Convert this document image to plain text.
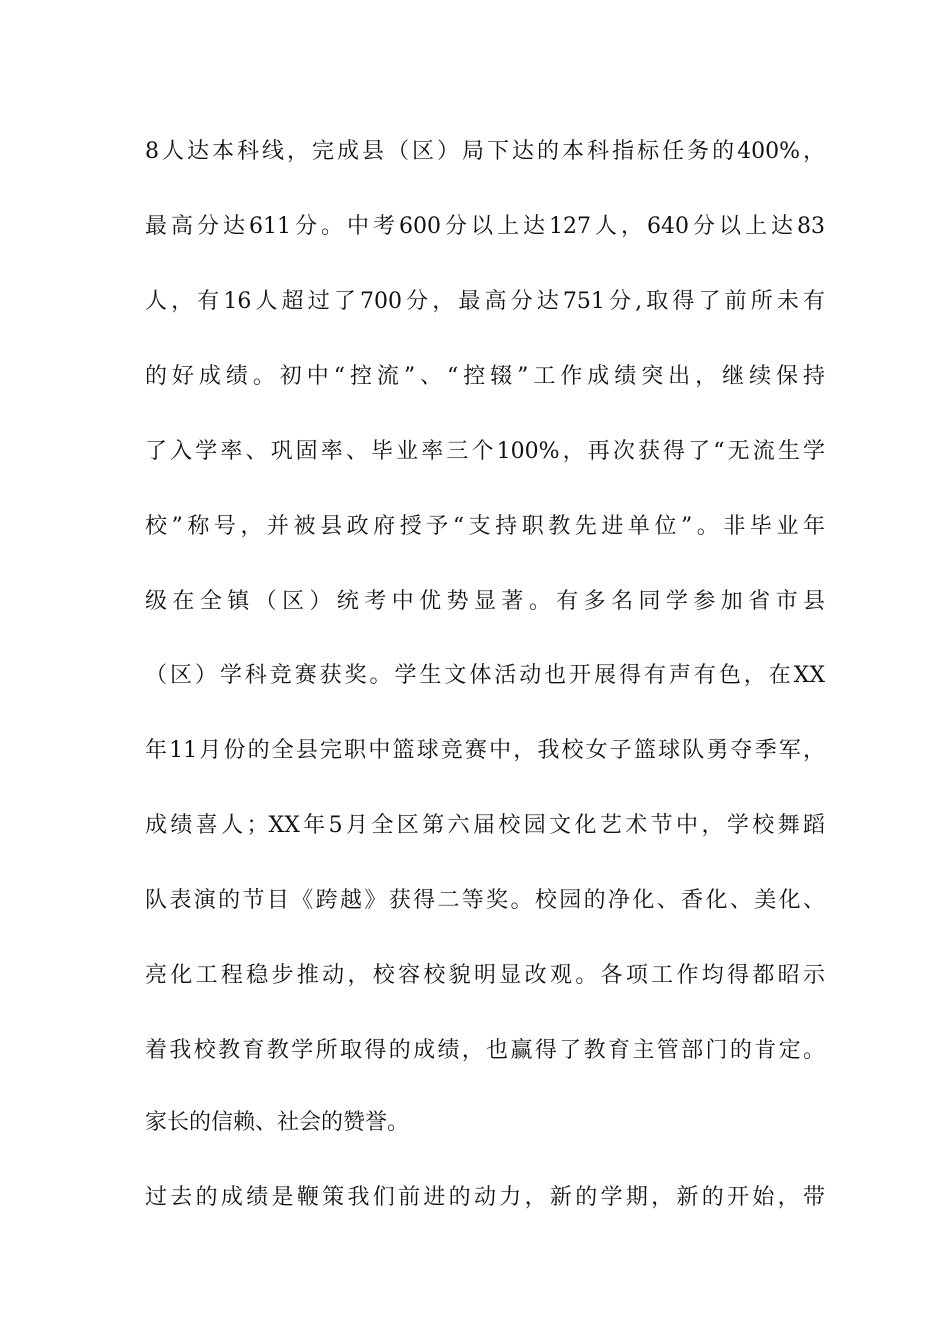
8人达本科线，完成县（区）局下达的本科指标任务的400%，
最高分达611分。中考600分以上达127人，640分以上达83
人，有16人超过了700分，最高分达751分,取得了前所未有
的好成绩。初中“控流”、“控辍”工作成绩突出，继续保持
了入学率、巩固率、毕业率三个100%，再次获得了“无流生学
校”称号，并被县政府授予“支持职教先进单位”。非毕业年
级在全镇（区）统考中优势显著。有多名同学参加省市县
（区）学科竞赛获奖。学生文体活动也开展得有声有色，在XX
年11月份的全县完职中篮球竞赛中，我校女子篮球队勇夺季军，
成绩喜人；XX年5月全区第六届校园文化艺术节中，学校舞蹈
队表演的节目《跨越》获得二等奖。校园的净化、香化、美化、
亮化工程稳步推动，校容校貌明显改观。各项工作均得都昭示
着我校教育教学所取得的成绩，也赢得了教育主管部门的肯定。
家长的信赖、社会的赞誉。
过去的成绩是鞭策我们前进的动力，新的学期，新的开始，带
